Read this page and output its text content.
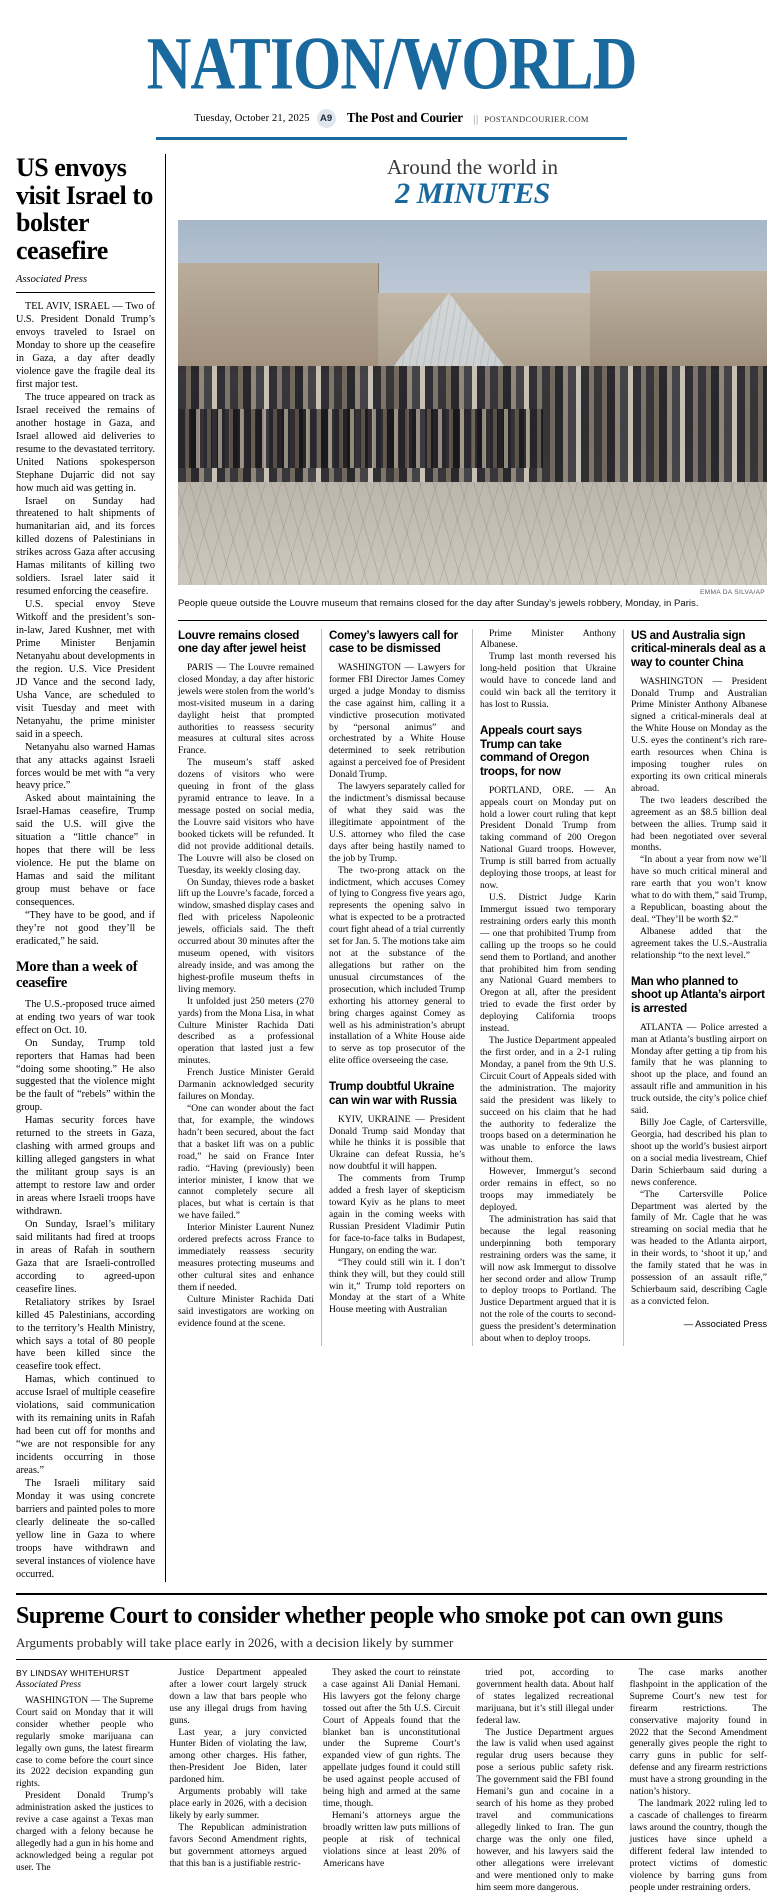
NATION/WORLD
Tuesday, October 21, 2025	A9 The Post and Courier | | POSTANDCOURIER.COM
US envoys visit Israel to bolster ceasefire
Associated Press

TEL AVIV, ISRAEL — Two of U.S. President Donald Trump’s envoys traveled to Israel on Monday to shore up the ceasefire in Gaza, a day after deadly violence gave the fragile deal its first major test.

The truce appeared on track as Israel received the remains of another hostage in Gaza, and Israel allowed aid deliveries to resume to the devastated territory. United Nations spokesperson Stephane Dujarric did not say how much aid was getting in.

Israel on Sunday had threatened to halt shipments of humanitarian aid, and its forces killed dozens of Palestinians in strikes across Gaza after accusing Hamas militants of killing two soldiers. Israel later said it resumed enforcing the ceasefire.

U.S. special envoy Steve Witkoff and the president’s son-in-law, Jared Kushner, met with Prime Minister Benjamin Netanyahu about developments in the region. U.S. Vice President JD Vance and the second lady, Usha Vance, are scheduled to visit Tuesday and meet with Netanyahu, the prime minister said in a speech.

Netanyahu also warned Hamas that any attacks against Israeli forces would be met with “a very heavy price.”

Asked about maintaining the Israel-Hamas ceasefire, Trump said the U.S. will give the situation a “little chance” in hopes that there will be less violence. He put the blame on Hamas and said the militant group must behave or face consequences.

“They have to be good, and if they’re not good they’ll be eradicated,” he said.

More than a week of ceasefire

The U.S.-proposed truce aimed at ending two years of war took effect on Oct. 10.

On Sunday, Trump told reporters that Hamas had been “doing some shooting.” He also suggested that the violence might be the fault of “rebels” within the group.

Hamas security forces have returned to the streets in Gaza, clashing with armed groups and killing alleged gangsters in what the militant group says is an attempt to restore law and order in areas where Israeli troops have withdrawn.

On Sunday, Israel’s military said militants had fired at troops in areas of Rafah in southern Gaza that are Israeli-controlled according to agreed-upon ceasefire lines.

Retaliatory strikes by Israel killed 45 Palestinians, according to the territory’s Health Ministry, which says a total of 80 people have been killed since the ceasefire took effect.

Hamas, which continued to accuse Israel of multiple ceasefire violations, said communication with its remaining units in Rafah had been cut off for months and “we are not responsible for any incidents occurring in those areas.”

The Israeli military said Monday it was using concrete barriers and painted poles to more clearly delineate the so-called yellow line in Gaza to where troops have withdrawn and several instances of violence have occurred.

Around the world in
2 MINUTES
EMMA DA SILVA/AP
People queue outside the Louvre museum that remains closed for the day after Sunday’s jewels robbery, Monday, in Paris.
Louvre remains closed one day after jewel heist

PARIS — The Louvre remained closed Monday, a day after historic jewels were stolen from the world’s most-visited museum in a daring daylight heist that prompted authorities to reassess security measures at cultural sites across France.

The museum’s staff asked dozens of visitors who were queuing in front of the glass pyramid entrance to leave. In a message posted on social media, the Louvre said visitors who have booked tickets will be refunded. It did not provide additional details. The Louvre will also be closed on Tuesday, its weekly closing day.

On Sunday, thieves rode a basket lift up the Louvre’s facade, forced a window, smashed display cases and fled with priceless Napoleonic jewels, officials said. The theft occurred about 30 minutes after the museum opened, with visitors already inside, and was among the highest-profile museum thefts in living memory.

It unfolded just 250 meters (270 yards) from the Mona Lisa, in what Culture Minister Rachida Dati described as a professional operation that lasted just a few minutes.

French Justice Minister Gerald Darmanin acknowledged security failures on Monday.

“One can wonder about the fact that, for example, the windows hadn’t been secured, about the fact that a basket lift was on a public road,” he said on France Inter radio. “Having (previously) been interior minister, I know that we cannot completely secure all places, but what is certain is that we have failed.”

Interior Minister Laurent Nunez ordered prefects across France to immediately reassess security measures protecting museums and other cultural sites and enhance them if needed.

Culture Minister Rachida Dati said investigators are working on evidence found at the scene.

Comey’s lawyers call for case to be dismissed

WASHINGTON — Lawyers for former FBI Director James Comey urged a judge Monday to dismiss the case against him, calling it a vindictive prosecution motivated by “personal animus” and orchestrated by a White House determined to seek retribution against a perceived foe of President Donald Trump.

The lawyers separately called for the indictment’s dismissal because of what they said was the illegitimate appointment of the U.S. attorney who filed the case days after being hastily named to the job by Trump.

The two-prong attack on the indictment, which accuses Comey of lying to Congress five years ago, represents the opening salvo in what is expected to be a protracted court fight ahead of a trial currently set for Jan. 5. The motions take aim not at the substance of the allegations but rather on the unusual circumstances of the prosecution, which included Trump exhorting his attorney general to bring charges against Comey as well as his administration’s abrupt installation of a White House aide to serve as top prosecutor of the elite office overseeing the case.

Trump doubtful Ukraine can win war with Russia

KYIV, UKRAINE — President Donald Trump said Monday that while he thinks it is possible that Ukraine can defeat Russia, he’s now doubtful it will happen.

The comments from Trump added a fresh layer of skepticism toward Kyiv as he plans to meet again in the coming weeks with Russian President Vladimir Putin for face-to-face talks in Budapest, Hungary, on ending the war.

“They could still win it. I don’t think they will, but they could still win it,” Trump told reporters on Monday at the start of a White House meeting with Australian

Prime Minister Anthony Albanese.

Trump last month reversed his long-held position that Ukraine would have to concede land and could win back all the territory it has lost to Russia.

Appeals court says Trump can take command of Oregon troops, for now

PORTLAND, ORE. — An appeals court on Monday put on hold a lower court ruling that kept President Donald Trump from taking command of 200 Oregon National Guard troops. However, Trump is still barred from actually deploying those troops, at least for now.

U.S. District Judge Karin Immergut issued two temporary restraining orders early this month — one that prohibited Trump from calling up the troops so he could send them to Portland, and another that prohibited him from sending any National Guard members to Oregon at all, after the president tried to evade the first order by deploying California troops instead.

The Justice Department appealed the first order, and in a 2-1 ruling Monday, a panel from the 9th U.S. Circuit Court of Appeals sided with the administration. The majority said the president was likely to succeed on his claim that he had the authority to federalize the troops based on a determination he was unable to enforce the laws without them.

However, Immergut’s second order remains in effect, so no troops may immediately be deployed.

The administration has said that because the legal reasoning underpinning both temporary restraining orders was the same, it will now ask Immergut to dissolve her second order and allow Trump to deploy troops to Portland. The Justice Department argued that it is not the role of the courts to second-guess the president’s determination about when to deploy troops.

US and Australia sign critical-minerals deal as a way to counter China

WASHINGTON — President Donald Trump and Australian Prime Minister Anthony Albanese signed a critical-minerals deal at the White House on Monday as the U.S. eyes the continent’s rich rare-earth resources when China is imposing tougher rules on exporting its own critical minerals abroad.

The two leaders described the agreement as an $8.5 billion deal between the allies. Trump said it had been negotiated over several months.

“In about a year from now we’ll have so much critical mineral and rare earth that you won’t know what to do with them,” said Trump, a Republican, boasting about the deal. “They’ll be worth $2.”

Albanese added that the agreement takes the U.S.-Australia relationship “to the next level.”

Man who planned to shoot up Atlanta’s airport is arrested

ATLANTA — Police arrested a man at Atlanta’s bustling airport on Monday after getting a tip from his family that he was planning to shoot up the place, and found an assault rifle and ammunition in his truck outside, the city’s police chief said.

Billy Joe Cagle, of Cartersville, Georgia, had described his plan to shoot up the world’s busiest airport on a social media livestream, Chief Darin Schierbaum said during a news conference.

“The Cartersville Police Department was alerted by the family of Mr. Cagle that he was streaming on social media that he was headed to the Atlanta airport, in their words, to ‘shoot it up,’ and the family stated that he was in possession of an assault rifle,” Schierbaum said, describing Cagle as a convicted felon.

— Associated Press
Supreme Court to consider whether people who smoke pot can own guns
Arguments probably will take place early in 2026, with a decision likely by summer
BY LINDSAY WHITEHURST
Associated Press

WASHINGTON — The Supreme Court said on Monday that it will consider whether people who regularly smoke marijuana can legally own guns, the latest firearm case to come before the court since its 2022 decision expanding gun rights.

President Donald Trump’s administration asked the justices to revive a case against a Texas man charged with a felony because he allegedly had a gun in his home and acknowledged being a regular pot user. The

Justice Department appealed after a lower court largely struck down a law that bars people who use any illegal drugs from having guns.

Last year, a jury convicted Hunter Biden of violating the law, among other charges. His father, then-President Joe Biden, later pardoned him.

Arguments probably will take place early in 2026, with a decision likely by early summer.

The Republican administration favors Second Amendment rights, but government attorneys argued that this ban is a justifiable restric-

They asked the court to reinstate a case against Ali Danial Hemani. His lawyers got the felony charge tossed out after the 5th U.S. Circuit Court of Appeals found that the blanket ban is unconstitutional under the Supreme Court’s expanded view of gun rights. The appellate judges found it could still be used against people accused of being high and armed at the same time, though.

Hemani’s attorneys argue the broadly written law puts millions of people at risk of technical violations since at least 20% of Americans have

tried pot, according to government health data. About half of states legalized recreational marijuana, but it’s still illegal under federal law.

The Justice Department argues the law is valid when used against regular drug users because they pose a serious public safety risk. The government said the FBI found Hemani’s gun and cocaine in a search of his home as they probed travel and communications allegedly linked to Iran. The gun charge was the only one filed, however, and his lawyers said the other allegations were irrelevant and were mentioned only to make him seem more dangerous.

The case marks another flashpoint in the application of the Supreme Court’s new test for firearm restrictions. The conservative majority found in 2022 that the Second Amendment generally gives people the right to carry guns in public for self-defense and any firearm restrictions must have a strong grounding in the nation’s history.

The landmark 2022 ruling led to a cascade of challenges to firearm laws around the country, though the justices have since upheld a different federal law intended to protect victims of domestic violence by barring guns from people under restraining orders.
